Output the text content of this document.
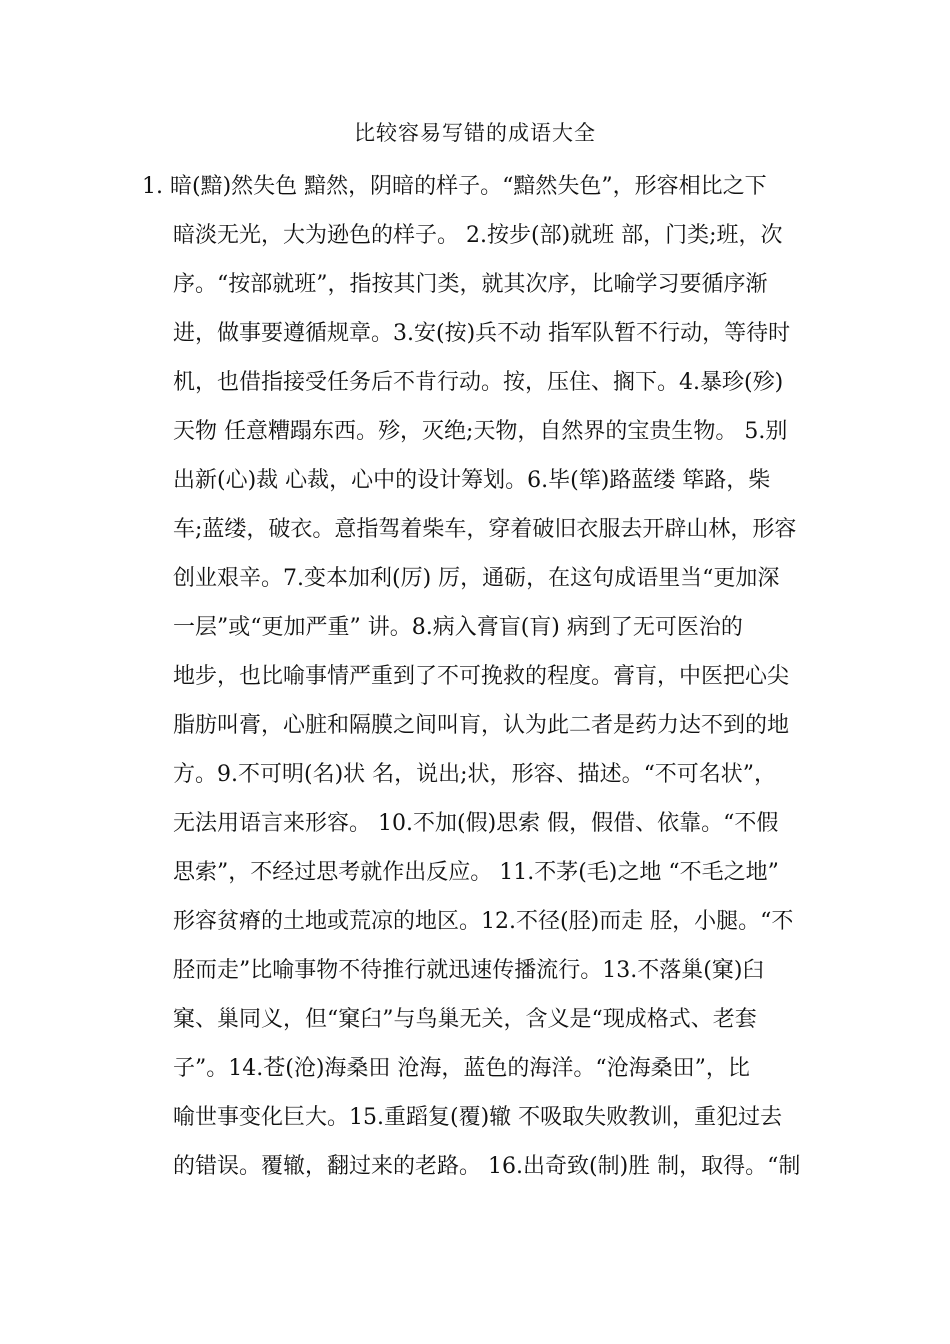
比较容易写错的成语大全
1. 暗(黯)然失色 黯然，阴暗的样子。“黯然失色”，形容相比之下
暗淡无光，大为逊色的样子。 2.按步(部)就班 部，门类;班，次
序。“按部就班”，指按其门类，就其次序，比喻学习要循序渐
进，做事要遵循规章。3.安(按)兵不动 指军队暂不行动，等待时
机，也借指接受任务后不肯行动。按，压住、搁下。4.暴珍(殄)
天物 任意糟蹋东西。殄，灭绝;天物，自然界的宝贵生物。 5.别
出新(心)裁 心裁，心中的设计筹划。6.毕(筚)路蓝缕 筚路，柴
车;蓝缕，破衣。意指驾着柴车，穿着破旧衣服去开辟山林，形容
创业艰辛。7.变本加利(厉) 厉，通砺，在这句成语里当“更加深
一层”或“更加严重” 讲。8.病入膏盲(肓) 病到了无可医治的
地步，也比喻事情严重到了不可挽救的程度。膏肓，中医把心尖
脂肪叫膏，心脏和隔膜之间叫肓，认为此二者是药力达不到的地
方。9.不可明(名)状 名，说出;状，形容、描述。“不可名状”，
无法用语言来形容。 10.不加(假)思索 假，假借、依靠。“不假
思索”，不经过思考就作出反应。 11.不茅(毛)之地 “不毛之地”
形容贫瘠的土地或荒凉的地区。12.不径(胫)而走 胫，小腿。“不
胫而走”比喻事物不待推行就迅速传播流行。13.不落巢(窠)臼
窠、巢同义，但“窠臼”与鸟巢无关，含义是“现成格式、老套
子”。14.苍(沧)海桑田 沧海，蓝色的海洋。“沧海桑田”，比
喻世事变化巨大。15.重蹈复(覆)辙 不吸取失败教训，重犯过去
的错误。覆辙，翻过来的老路。 16.出奇致(制)胜 制，取得。“制
